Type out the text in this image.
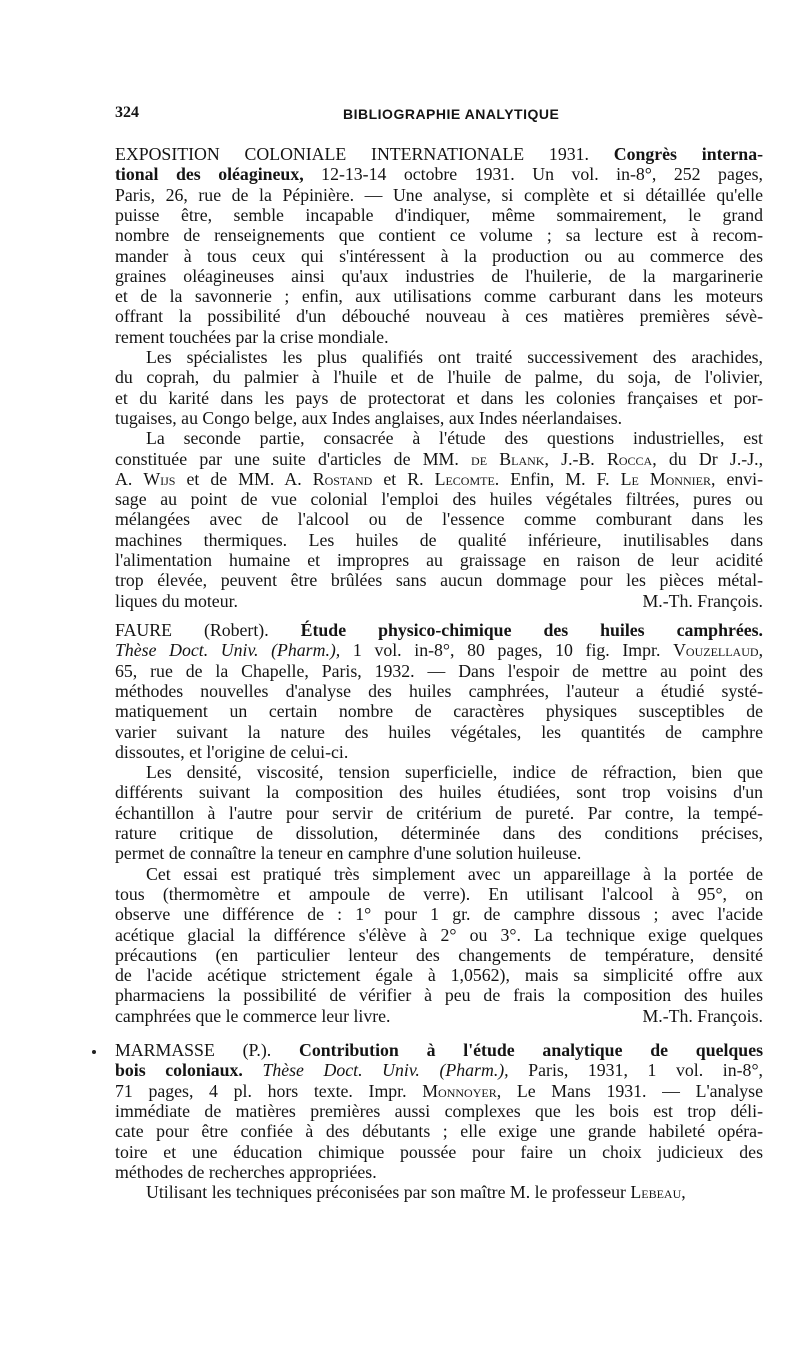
324	BIBLIOGRAPHIE ANALYTIQUE
EXPOSITION COLONIALE INTERNATIONALE 1931. Congrès interna-
tional des oléagineux, 12-13-14 octobre 1931. Un vol. in-8°, 252 pages,
Paris, 26, rue de la Pépinière. — Une analyse, si complète et si détaillée qu'elle
puisse être, semble incapable d'indiquer, même sommairement, le grand
nombre de renseignements que contient ce volume ; sa lecture est à recom-
mander à tous ceux qui s'intéressent à la production ou au commerce des
graines oléagineuses ainsi qu'aux industries de l'huilerie, de la margarinerie
et de la savonnerie ; enfin, aux utilisations comme carburant dans les moteurs
offrant la possibilité d'un débouché nouveau à ces matières premières sévè-
rement touchées par la crise mondiale.
Les spécialistes les plus qualifiés ont traité successivement des arachides,
du coprah, du palmier à l'huile et de l'huile de palme, du soja, de l'olivier,
et du karité dans les pays de protectorat et dans les colonies françaises et por-
tugaises, au Congo belge, aux Indes anglaises, aux Indes néerlandaises.
La seconde partie, consacrée à l'étude des questions industrielles, est
constituée par une suite d'articles de MM. de Blank, J.-B. Rocca, du Dr J.-J.,
A. Wijs et de MM. A. Rostand et R. Lecomte. Enfin, M. F. Le Monnier, envi-
sage au point de vue colonial l'emploi des huiles végétales filtrées, pures ou
mélangées avec de l'alcool ou de l'essence comme comburant dans les
machines thermiques. Les huiles de qualité inférieure, inutilisables dans
l'alimentation humaine et impropres au graissage en raison de leur acidité
trop élevée, peuvent être brûlées sans aucun dommage pour les pièces métal-
liques du moteur.	M.-Th. François.
FAURE (Robert). Étude physico-chimique des huiles camphrées.
Thèse Doct. Univ. (Pharm.), 1 vol. in-8°, 80 pages, 10 fig. Impr. Vouzellaud,
65, rue de la Chapelle, Paris, 1932. — Dans l'espoir de mettre au point des
méthodes nouvelles d'analyse des huiles camphrées, l'auteur a étudié systé-
matiquement un certain nombre de caractères physiques susceptibles de
varier suivant la nature des huiles végétales, les quantités de camphre
dissoutes, et l'origine de celui-ci.
Les densité, viscosité, tension superficielle, indice de réfraction, bien que
différents suivant la composition des huiles étudiées, sont trop voisins d'un
échantillon à l'autre pour servir de critérium de pureté. Par contre, la tempé-
rature critique de dissolution, déterminée dans des conditions précises,
permet de connaître la teneur en camphre d'une solution huileuse.
Cet essai est pratiqué très simplement avec un appareillage à la portée de
tous (thermomètre et ampoule de verre). En utilisant l'alcool à 95°, on
observe une différence de : 1° pour 1 gr. de camphre dissous ; avec l'acide
acétique glacial la différence s'élève à 2° ou 3°. La technique exige quelques
précautions (en particulier lenteur des changements de température, densité
de l'acide acétique strictement égale à 1,0562), mais sa simplicité offre aux
pharmaciens la possibilité de vérifier à peu de frais la composition des huiles
camphrées que le commerce leur livre.	M.-Th. François.
MARMASSE (P.). Contribution à l'étude analytique de quelques
bois coloniaux. Thèse Doct. Univ. (Pharm.), Paris, 1931, 1 vol. in-8°,
71 pages, 4 pl. hors texte. Impr. Monnoyer, Le Mans 1931. — L'analyse
immédiate de matières premières aussi complexes que les bois est trop déli-
cate pour être confiée à des débutants ; elle exige une grande habileté opéra-
toire et une éducation chimique poussée pour faire un choix judicieux des
méthodes de recherches appropriées.
Utilisant les techniques préconisées par son maître M. le professeur Lebeau,
